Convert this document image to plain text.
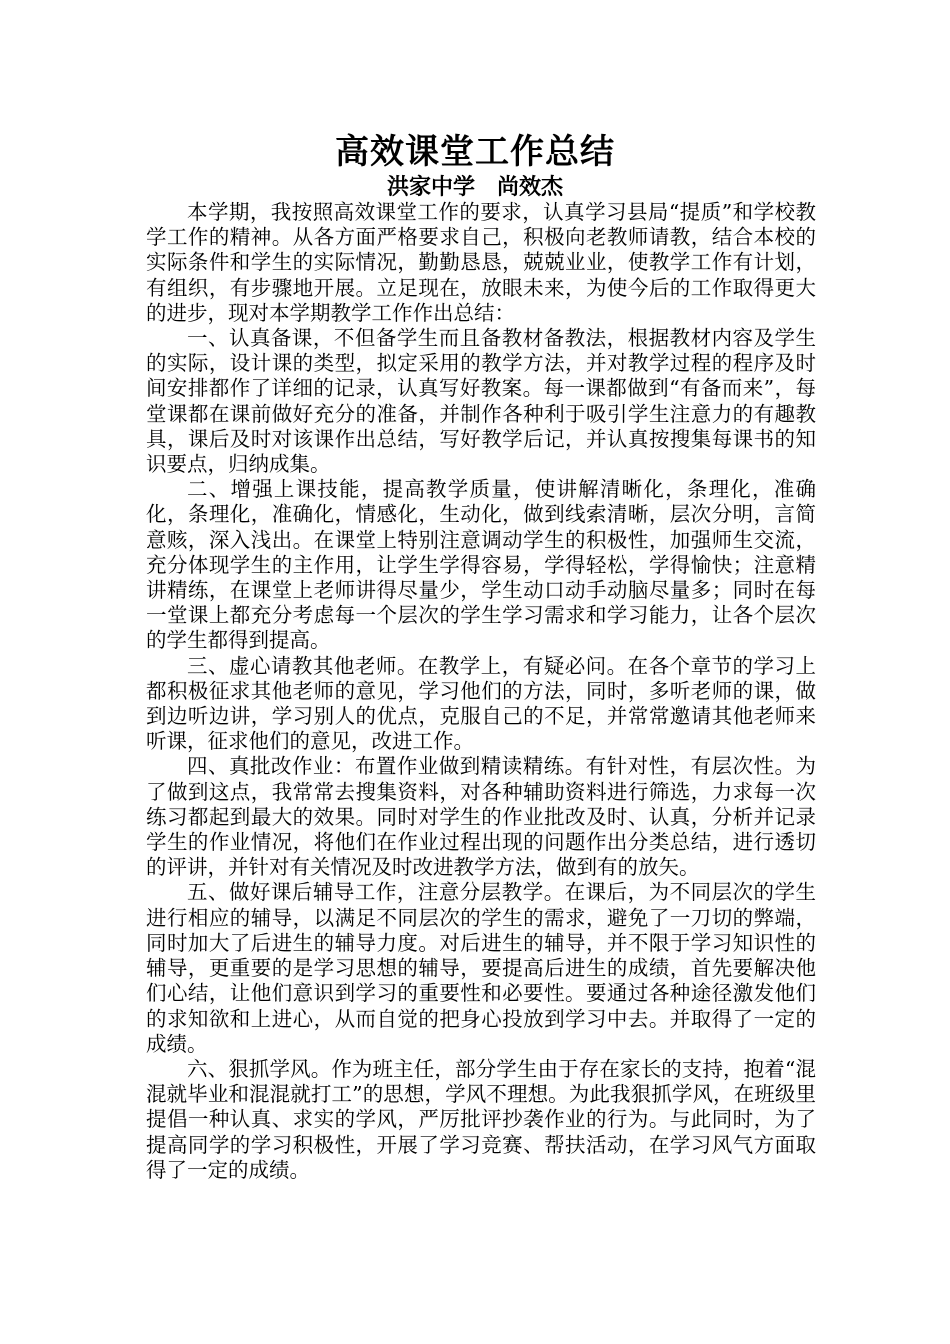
高效课堂工作总结
洪家中学 尚效杰

本学期，我按照高效课堂工作的要求，认真学习县局“提质”和学校教学工作的精神。从各方面严格要求自己，积极向老教师请教，结合本校的实际条件和学生的实际情况，勤勤恳恳，兢兢业业，使教学工作有计划，有组织，有步骤地开展。立足现在，放眼未来，为使今后的工作取得更大的进步，现对本学期教学工作作出总结：

一、认真备课，不但备学生而且备教材备教法，根据教材内容及学生的实际，设计课的类型，拟定采用的教学方法，并对教学过程的程序及时间安排都作了详细的记录，认真写好教案。每一课都做到“有备而来”，每堂课都在课前做好充分的准备，并制作各种利于吸引学生注意力的有趣教具，课后及时对该课作出总结，写好教学后记，并认真按搜集每课书的知识要点，归纳成集。

二、增强上课技能，提高教学质量，使讲解清晰化，条理化，准确化，条理化，准确化，情感化，生动化，做到线索清晰，层次分明，言简意赅，深入浅出。在课堂上特别注意调动学生的积极性，加强师生交流，充分体现学生的主作用，让学生学得容易，学得轻松，学得愉快；注意精讲精练，在课堂上老师讲得尽量少，学生动口动手动脑尽量多；同时在每一堂课上都充分考虑每一个层次的学生学习需求和学习能力，让各个层次的学生都得到提高。

三、虚心请教其他老师。在教学上，有疑必问。在各个章节的学习上都积极征求其他老师的意见，学习他们的方法，同时，多听老师的课，做到边听边讲，学习别人的优点，克服自己的不足，并常常邀请其他老师来听课，征求他们的意见，改进工作。

四、真批改作业：布置作业做到精读精练。有针对性，有层次性。为了做到这点，我常常去搜集资料，对各种辅助资料进行筛选，力求每一次练习都起到最大的效果。同时对学生的作业批改及时、认真，分析并记录学生的作业情况，将他们在作业过程出现的问题作出分类总结，进行透切的评讲，并针对有关情况及时改进教学方法，做到有的放矢。

五、做好课后辅导工作，注意分层教学。在课后，为不同层次的学生进行相应的辅导，以满足不同层次的学生的需求，避免了一刀切的弊端，同时加大了后进生的辅导力度。对后进生的辅导，并不限于学习知识性的辅导，更重要的是学习思想的辅导，要提高后进生的成绩，首先要解决他们心结，让他们意识到学习的重要性和必要性。要通过各种途径激发他们的求知欲和上进心，从而自觉的把身心投放到学习中去。并取得了一定的成绩。

六、狠抓学风。作为班主任，部分学生由于存在家长的支持，抱着“混混就毕业和混混就打工”的思想，学风不理想。为此我狠抓学风，在班级里提倡一种认真、求实的学风，严厉批评抄袭作业的行为。与此同时，为了提高同学的学习积极性，开展了学习竞赛、帮扶活动，在学习风气方面取得了一定的成绩。
